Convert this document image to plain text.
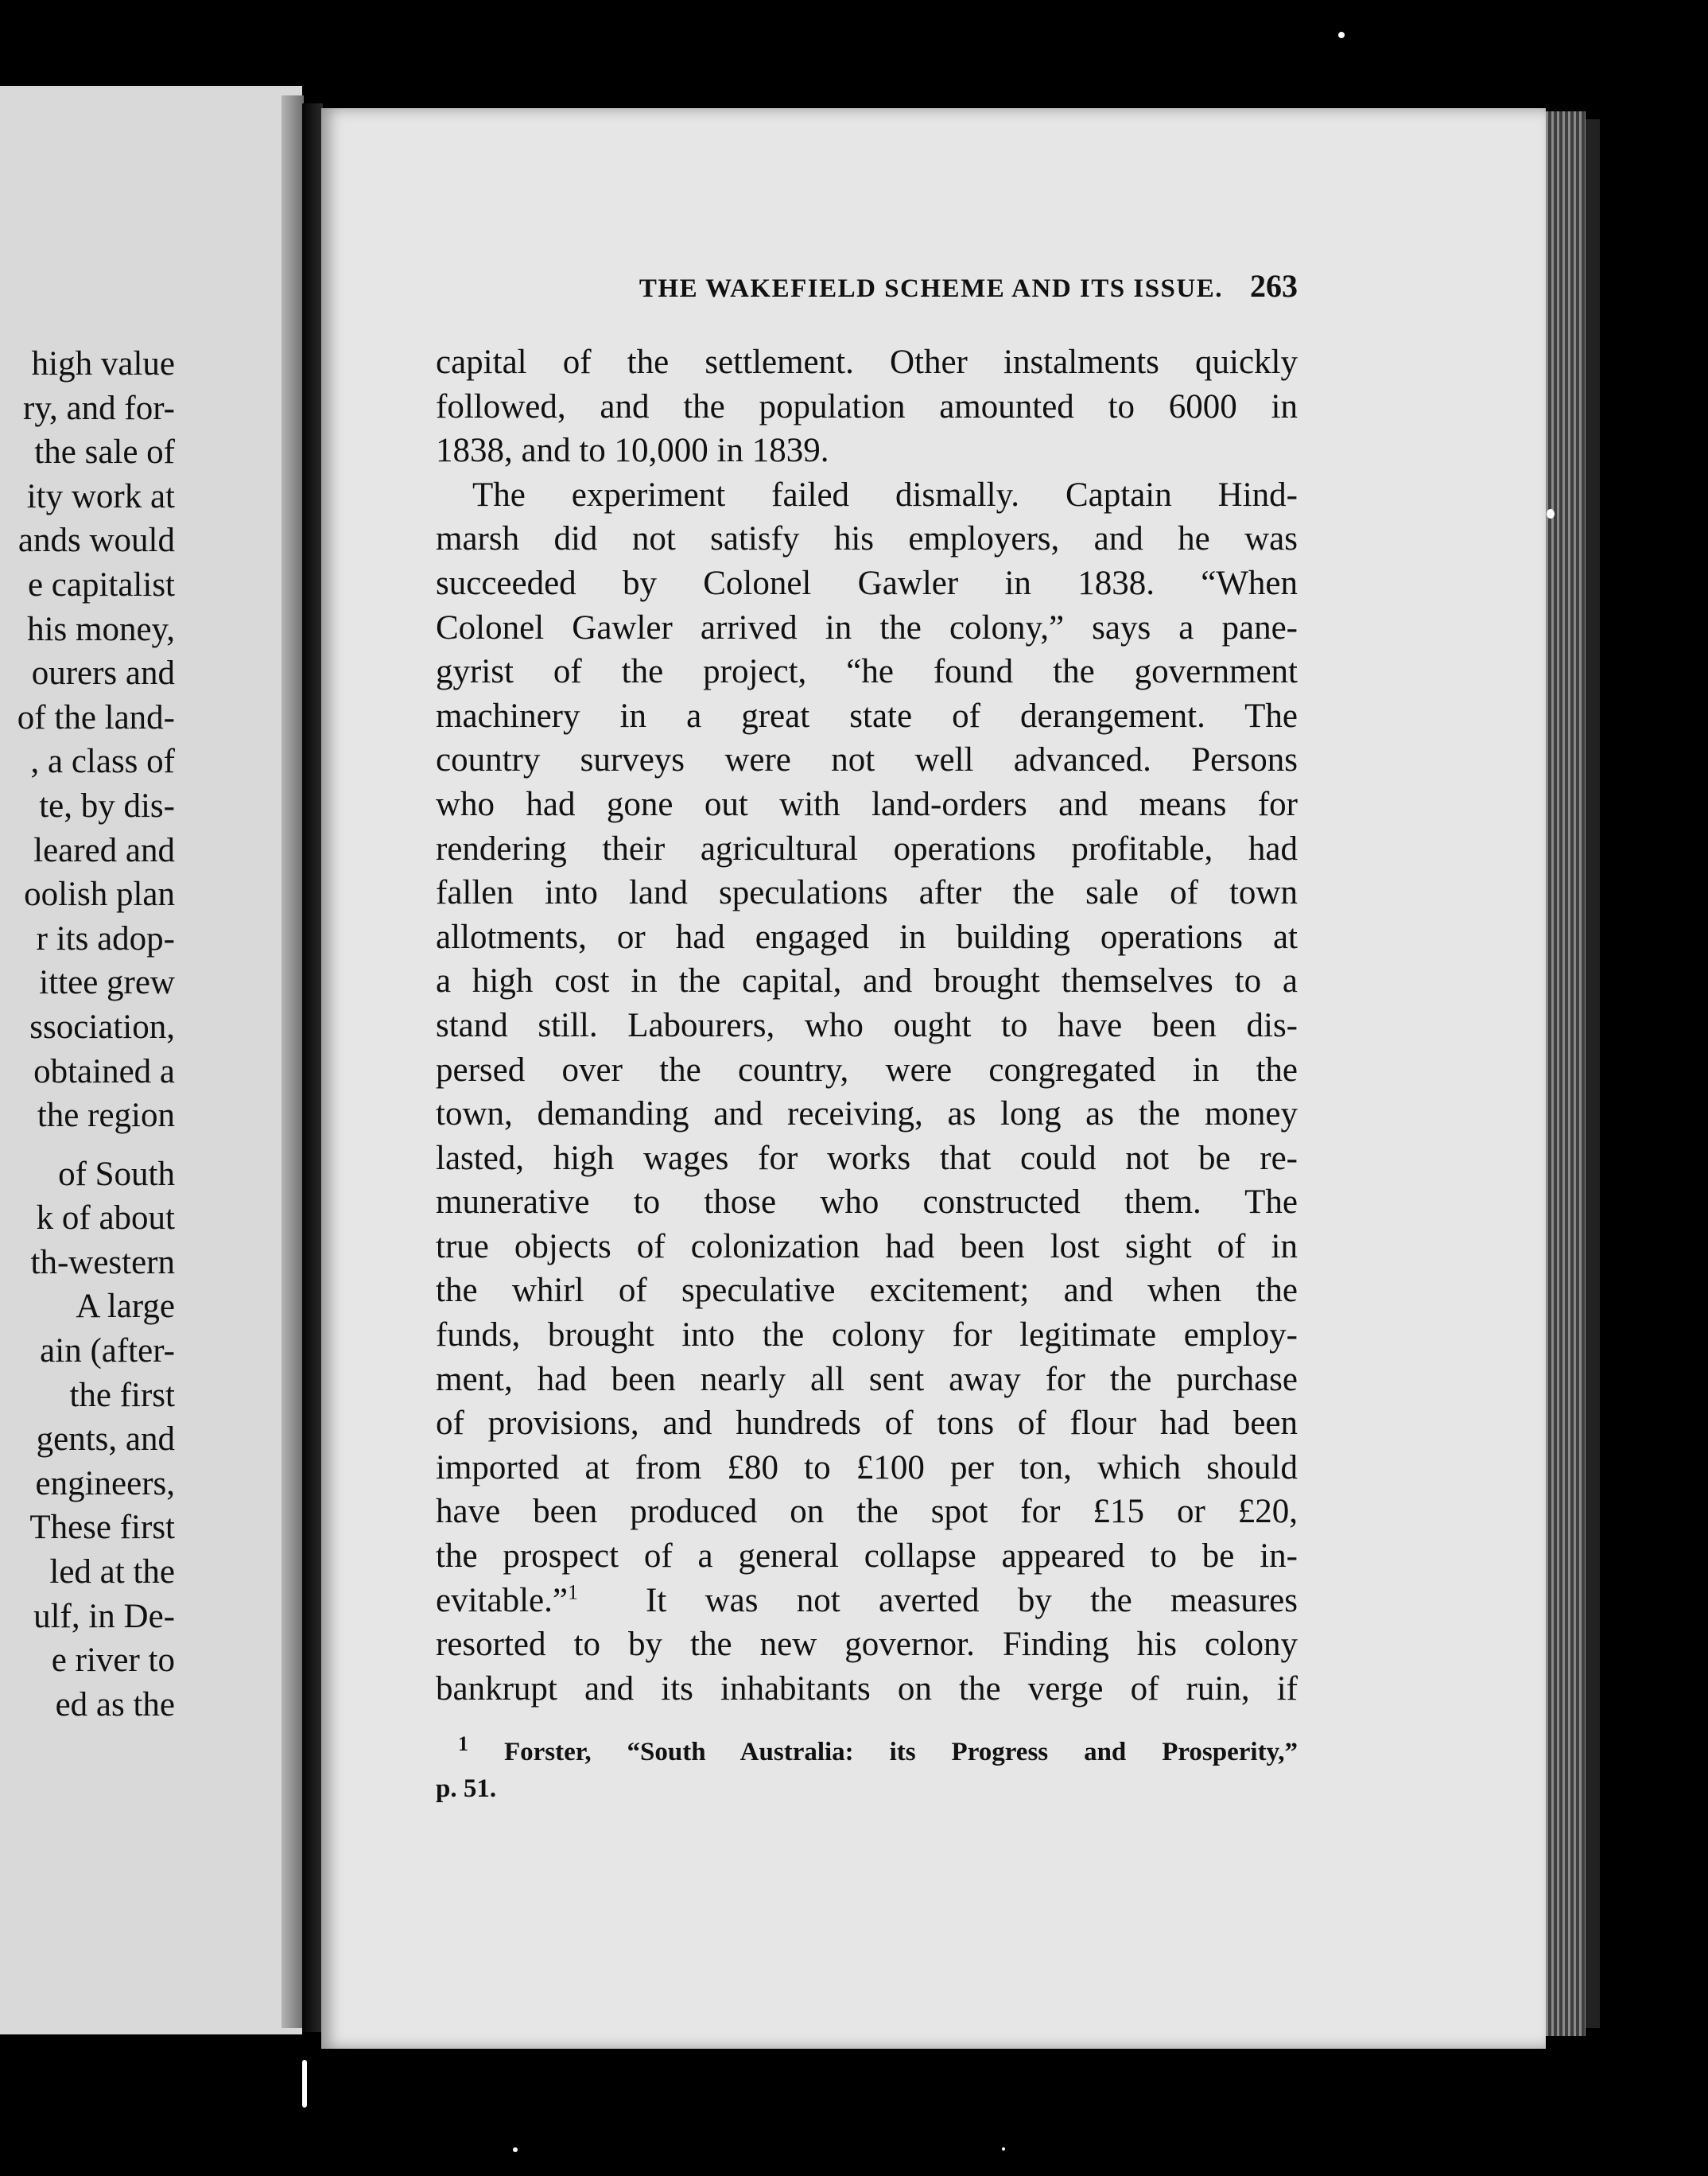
high value
ry, and for-
the sale of
ity work at
ands would
e capitalist
his money,
ourers and
of the land-
, a class of
te, by dis-
leared and
oolish plan
r its adop-
ittee grew
ssociation,
obtained a
the region
of South
k of about
th-western
A large
ain (after-
the first
gents, and
engineers,
These first
led at the
ulf, in De-
e river to
ed as the
THE WAKEFIELD SCHEME AND ITS ISSUE. 263
capital of the settlement. Other instalments quickly
followed, and the population amounted to 6000 in
1838, and to 10,000 in 1839.
The experiment failed dismally. Captain Hind-
marsh did not satisfy his employers, and he was
succeeded by Colonel Gawler in 1838. “When
Colonel Gawler arrived in the colony,” says a pane-
gyrist of the project, “he found the government
machinery in a great state of derangement. The
country surveys were not well advanced. Persons
who had gone out with land-orders and means for
rendering their agricultural operations profitable, had
fallen into land speculations after the sale of town
allotments, or had engaged in building operations at
a high cost in the capital, and brought themselves to a
stand still. Labourers, who ought to have been dis-
persed over the country, were congregated in the
town, demanding and receiving, as long as the money
lasted, high wages for works that could not be re-
munerative to those who constructed them. The
true objects of colonization had been lost sight of in
the whirl of speculative excitement; and when the
funds, brought into the colony for legitimate employ-
ment, had been nearly all sent away for the purchase
of provisions, and hundreds of tons of flour had been
imported at from £80 to £100 per ton, which should
have been produced on the spot for £15 or £20,
the prospect of a general collapse appeared to be in-
evitable.”$^1$ It was not averted by the measures
resorted to by the new governor. Finding his colony
bankrupt and its inhabitants on the verge of ruin, if
$^1$ Forster, “South Australia: its Progress and Prosperity,”
p. 51.
